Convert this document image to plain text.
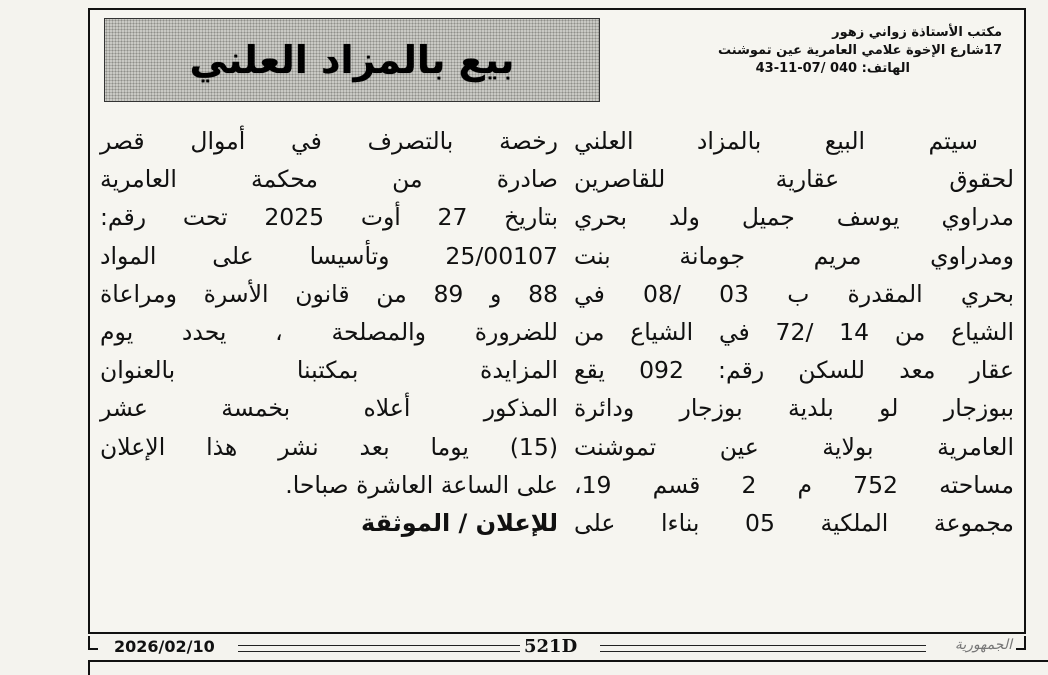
بيع بالمزاد العلني
مكتب الأستاذة زواني زهور
17شارع الإخوة علامي العامرية عين تموشنت
الهاتف: 040 /07-11-43
سيتم البيع بالمزاد العلني
لحقوق عقارية للقاصرين
مدراوي يوسف جميل ولد بحري
ومدراوي مريم جومانة بنت
بحري المقدرة ب 03 /08 في
الشياع من 14 /72 في الشياع من
عقار معد للسكن رقم: 092 يقع
ببوزجار لو بلدية بوزجار ودائرة
العامرية بولاية عين تموشنت
مساحته 752 م 2 قسم 19،
مجموعة الملكية 05 بناءا على
رخصة بالتصرف في أموال قصر
صادرة من محكمة العامرية
بتاريخ 27 أوت 2025 تحت رقم:
25/00107 وتأسيسا على المواد
88 و 89 من قانون الأسرة ومراعاة
للضرورة والمصلحة ، يحدد يوم
المزايدة بمكتبنا بالعنوان
المذكور أعلاه بخمسة عشر
(15) يوما بعد نشر هذا الإعلان
على الساعة العاشرة صباحا.
للإعلان / الموثقة
2026/02/10	521D	الجمهورية
